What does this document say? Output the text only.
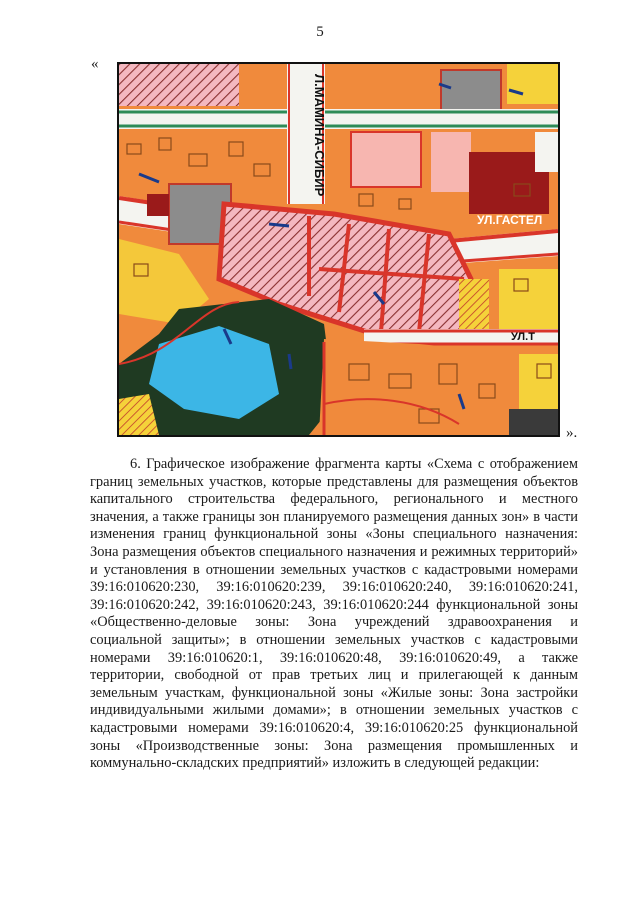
5
«
Л.МАМИНА-СИБИР
УЛ.ГАСТЕЛ
УЛ.Т
».

6. Графическое изображение фрагмента карты «Схема с отображением границ земельных участков, которые представлены для размещения объектов капитального строительства федерального, регионального и местного значения, а также границы зон планируемого размещения данных зон» в части изменения границ функциональной зоны «Зоны специального назначения: Зона размещения объектов специального назначения и режимных территорий» и установления в отношении земельных участков с кадастровыми номерами 39:16:010620:230, 39:16:010620:239, 39:16:010620:240, 39:16:010620:241, 39:16:010620:242, 39:16:010620:243, 39:16:010620:244 функциональной зоны «Общественно-деловые зоны: Зона учреждений здравоохранения и социальной защиты»; в отношении земельных участков с кадастровыми номерами 39:16:010620:1, 39:16:010620:48, 39:16:010620:49, а также территории, свободной от прав третьих лиц и прилегающей к данным земельным участкам, функциональной зоны «Жилые зоны: Зона застройки индивидуальными жилыми домами»; в отношении земельных участков с кадастровыми номерами 39:16:010620:4, 39:16:010620:25 функциональной зоны «Производственные зоны: Зона размещения промышленных и коммунально-складских предприятий» изложить в следующей редакции:
